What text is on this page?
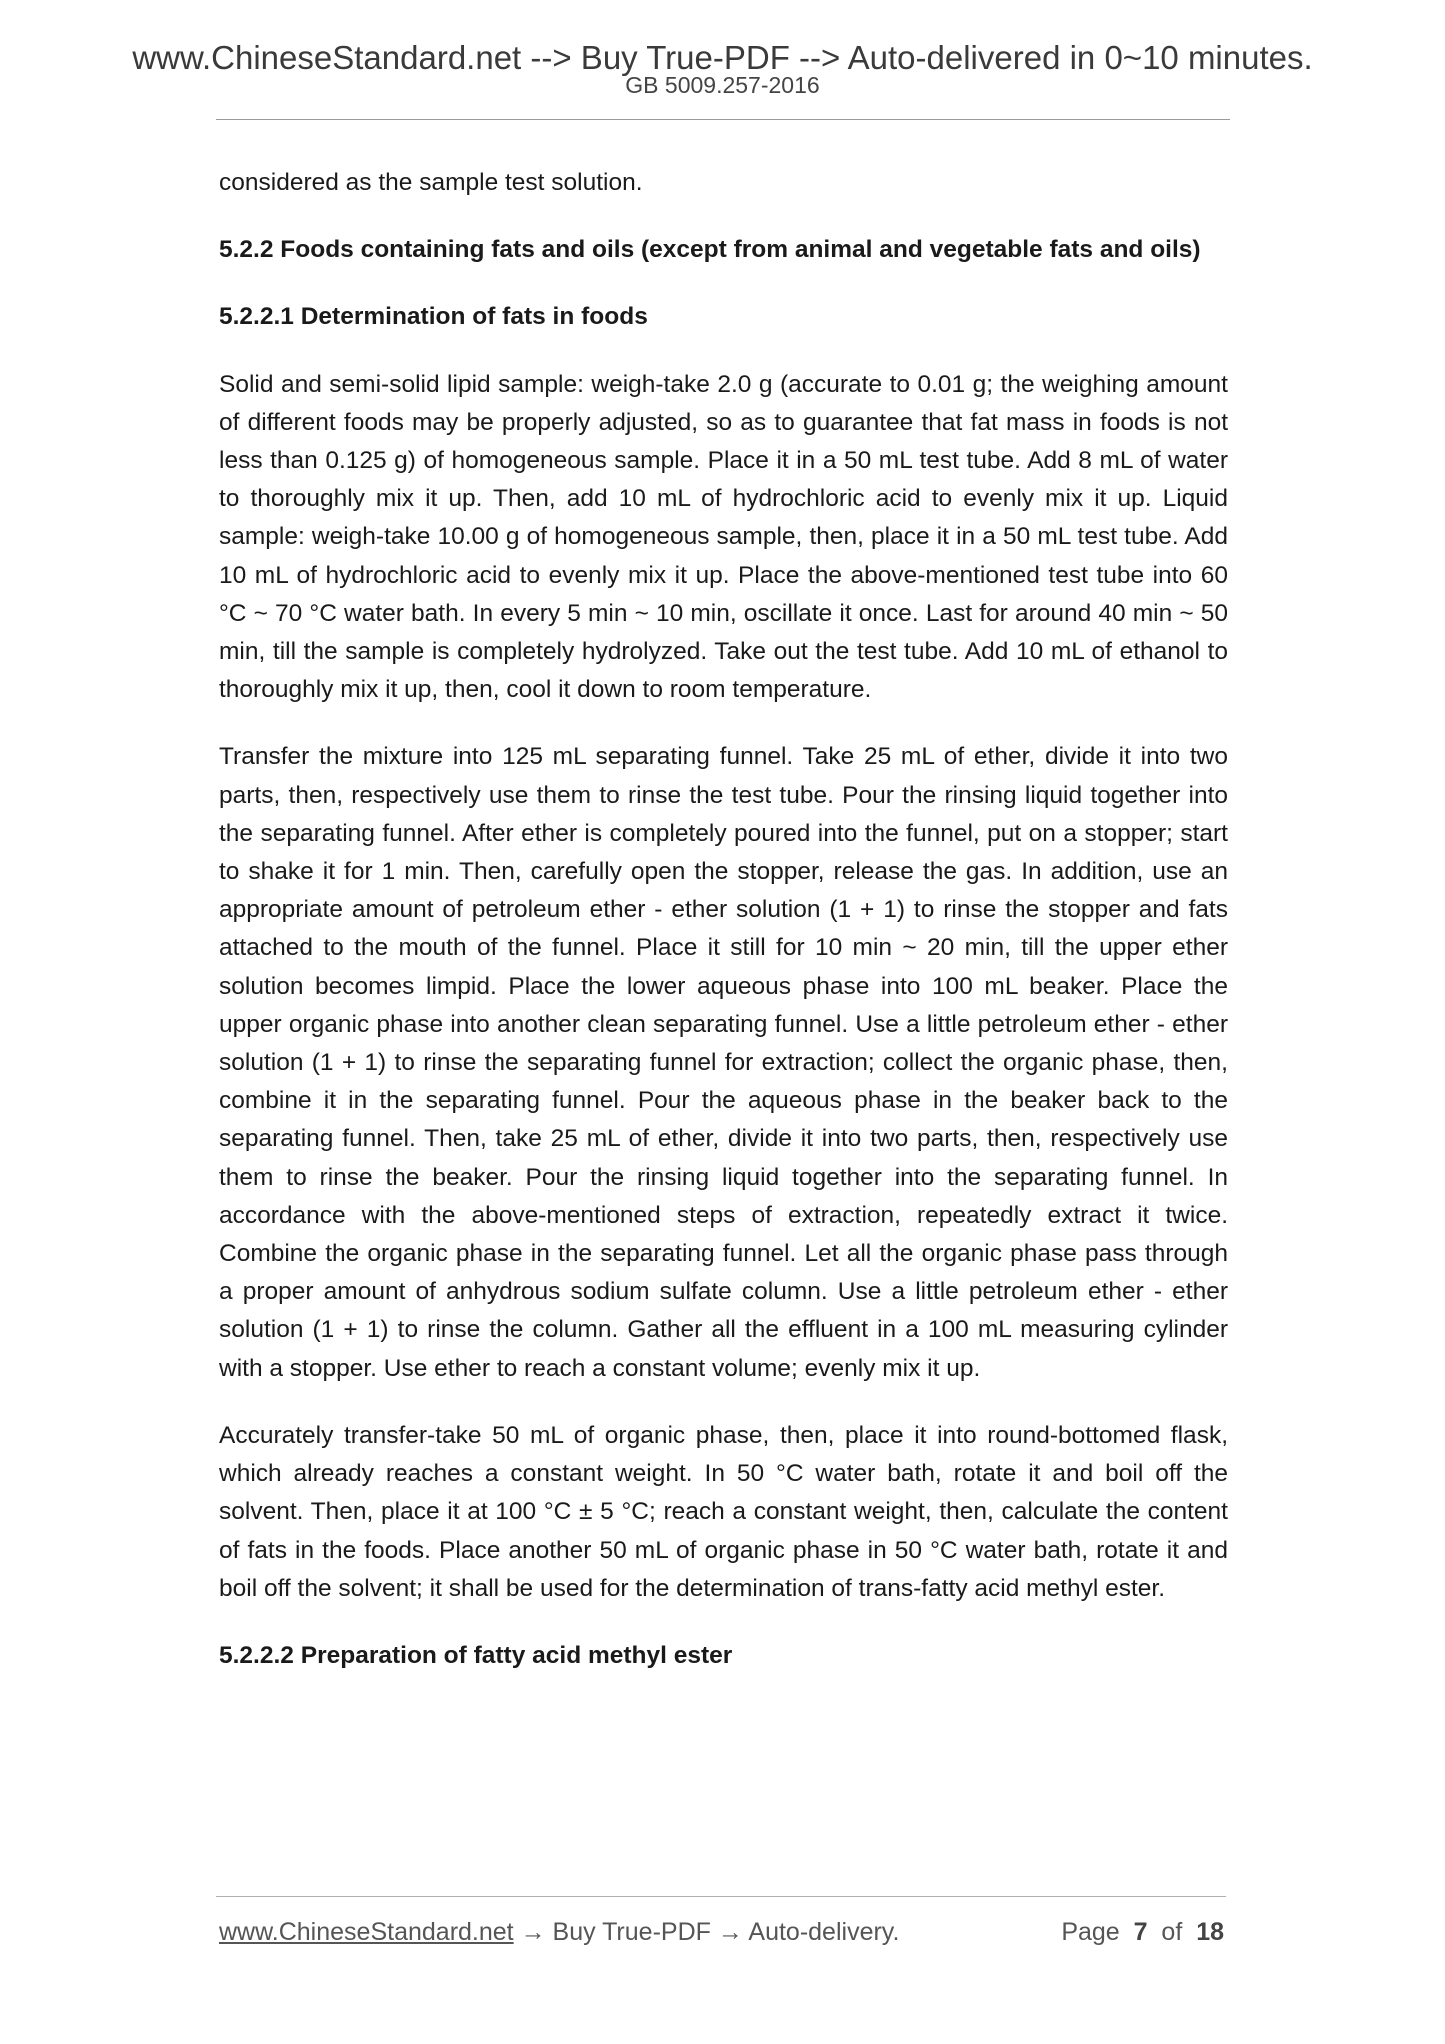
www.ChineseStandard.net --> Buy True-PDF --> Auto-delivered in 0~10 minutes.
GB 5009.257-2016

considered as the sample test solution.

5.2.2 Foods containing fats and oils (except from animal and vegetable fats and oils)
5.2.2.1 Determination of fats in foods

Solid and semi-solid lipid sample: weigh-take 2.0 g (accurate to 0.01 g; the weighing amount of different foods may be properly adjusted, so as to guarantee that fat mass in foods is not less than 0.125 g) of homogeneous sample. Place it in a 50 mL test tube. Add 8 mL of water to thoroughly mix it up. Then, add 10 mL of hydrochloric acid to evenly mix it up. Liquid sample: weigh-take 10.00 g of homogeneous sample, then, place it in a 50 mL test tube. Add 10 mL of hydrochloric acid to evenly mix it up. Place the above-mentioned test tube into 60 °C ~ 70 °C water bath. In every 5 min ~ 10 min, oscillate it once. Last for around 40 min ~ 50 min, till the sample is completely hydrolyzed. Take out the test tube. Add 10 mL of ethanol to thoroughly mix it up, then, cool it down to room temperature.

Transfer the mixture into 125 mL separating funnel. Take 25 mL of ether, divide it into two parts, then, respectively use them to rinse the test tube. Pour the rinsing liquid together into the separating funnel. After ether is completely poured into the funnel, put on a stopper; start to shake it for 1 min. Then, carefully open the stopper, release the gas. In addition, use an appropriate amount of petroleum ether - ether solution (1 + 1) to rinse the stopper and fats attached to the mouth of the funnel. Place it still for 10 min ~ 20 min, till the upper ether solution becomes limpid. Place the lower aqueous phase into 100 mL beaker. Place the upper organic phase into another clean separating funnel. Use a little petroleum ether - ether solution (1 + 1) to rinse the separating funnel for extraction; collect the organic phase, then, combine it in the separating funnel. Pour the aqueous phase in the beaker back to the separating funnel. Then, take 25 mL of ether, divide it into two parts, then, respectively use them to rinse the beaker. Pour the rinsing liquid together into the separating funnel. In accordance with the above-mentioned steps of extraction, repeatedly extract it twice. Combine the organic phase in the separating funnel. Let all the organic phase pass through a proper amount of anhydrous sodium sulfate column. Use a little petroleum ether - ether solution (1 + 1) to rinse the column. Gather all the effluent in a 100 mL measuring cylinder with a stopper. Use ether to reach a constant volume; evenly mix it up.

Accurately transfer-take 50 mL of organic phase, then, place it into round-bottomed flask, which already reaches a constant weight. In 50 °C water bath, rotate it and boil off the solvent. Then, place it at 100 °C ± 5 °C; reach a constant weight, then, calculate the content of fats in the foods. Place another 50 mL of organic phase in 50 °C water bath, rotate it and boil off the solvent; it shall be used for the determination of trans-fatty acid methyl ester.

5.2.2.2 Preparation of fatty acid methyl ester
www.ChineseStandard.net → Buy True-PDF → Auto-delivery.	Page 7 of 18
